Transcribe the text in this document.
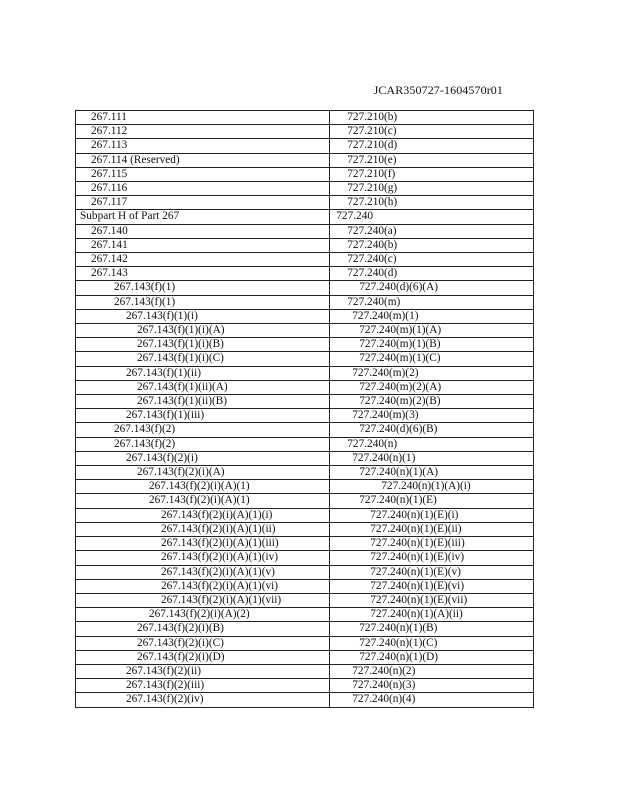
JCAR350727-1604570r01
267.111	727.210(b)
267.112	727.210(c)
267.113	727.210(d)
267.114 (Reserved)	727.210(e)
267.115	727.210(f)
267.116	727.210(g)
267.117	727.210(h)
Subpart H of Part 267	727.240
267.140	727.240(a)
267.141	727.240(b)
267.142	727.240(c)
267.143	727.240(d)
267.143(f)(1)	727.240(d)(6)(A)
267.143(f)(1)	727.240(m)
267.143(f)(1)(i)	727.240(m)(1)
267.143(f)(1)(i)(A)	727.240(m)(1)(A)
267.143(f)(1)(i)(B)	727.240(m)(1)(B)
267.143(f)(1)(i)(C)	727.240(m)(1)(C)
267.143(f)(1)(ii)	727.240(m)(2)
267.143(f)(1)(ii)(A)	727.240(m)(2)(A)
267.143(f)(1)(ii)(B)	727.240(m)(2)(B)
267.143(f)(1)(iii)	727.240(m)(3)
267.143(f)(2)	727.240(d)(6)(B)
267.143(f)(2)	727.240(n)
267.143(f)(2)(i)	727.240(n)(1)
267.143(f)(2)(i)(A)	727.240(n)(1)(A)
267.143(f)(2)(i)(A)(1)	727.240(n)(1)(A)(i)
267.143(f)(2)(i)(A)(1)	727.240(n)(1)(E)
267.143(f)(2)(i)(A)(1)(i)	727.240(n)(1)(E)(i)
267.143(f)(2)(i)(A)(1)(ii)	727.240(n)(1)(E)(ii)
267.143(f)(2)(i)(A)(1)(iii)	727.240(n)(1)(E)(iii)
267.143(f)(2)(i)(A)(1)(iv)	727.240(n)(1)(E)(iv)
267.143(f)(2)(i)(A)(1)(v)	727.240(n)(1)(E)(v)
267.143(f)(2)(i)(A)(1)(vi)	727.240(n)(1)(E)(vi)
267.143(f)(2)(i)(A)(1)(vii)	727.240(n)(1)(E)(vii)
267.143(f)(2)(i)(A)(2)	727.240(n)(1)(A)(ii)
267.143(f)(2)(i)(B)	727.240(n)(1)(B)
267.143(f)(2)(i)(C)	727.240(n)(1)(C)
267.143(f)(2)(i)(D)	727.240(n)(1)(D)
267.143(f)(2)(ii)	727.240(n)(2)
267.143(f)(2)(iii)	727.240(n)(3)
267.143(f)(2)(iv)	727.240(n)(4)
